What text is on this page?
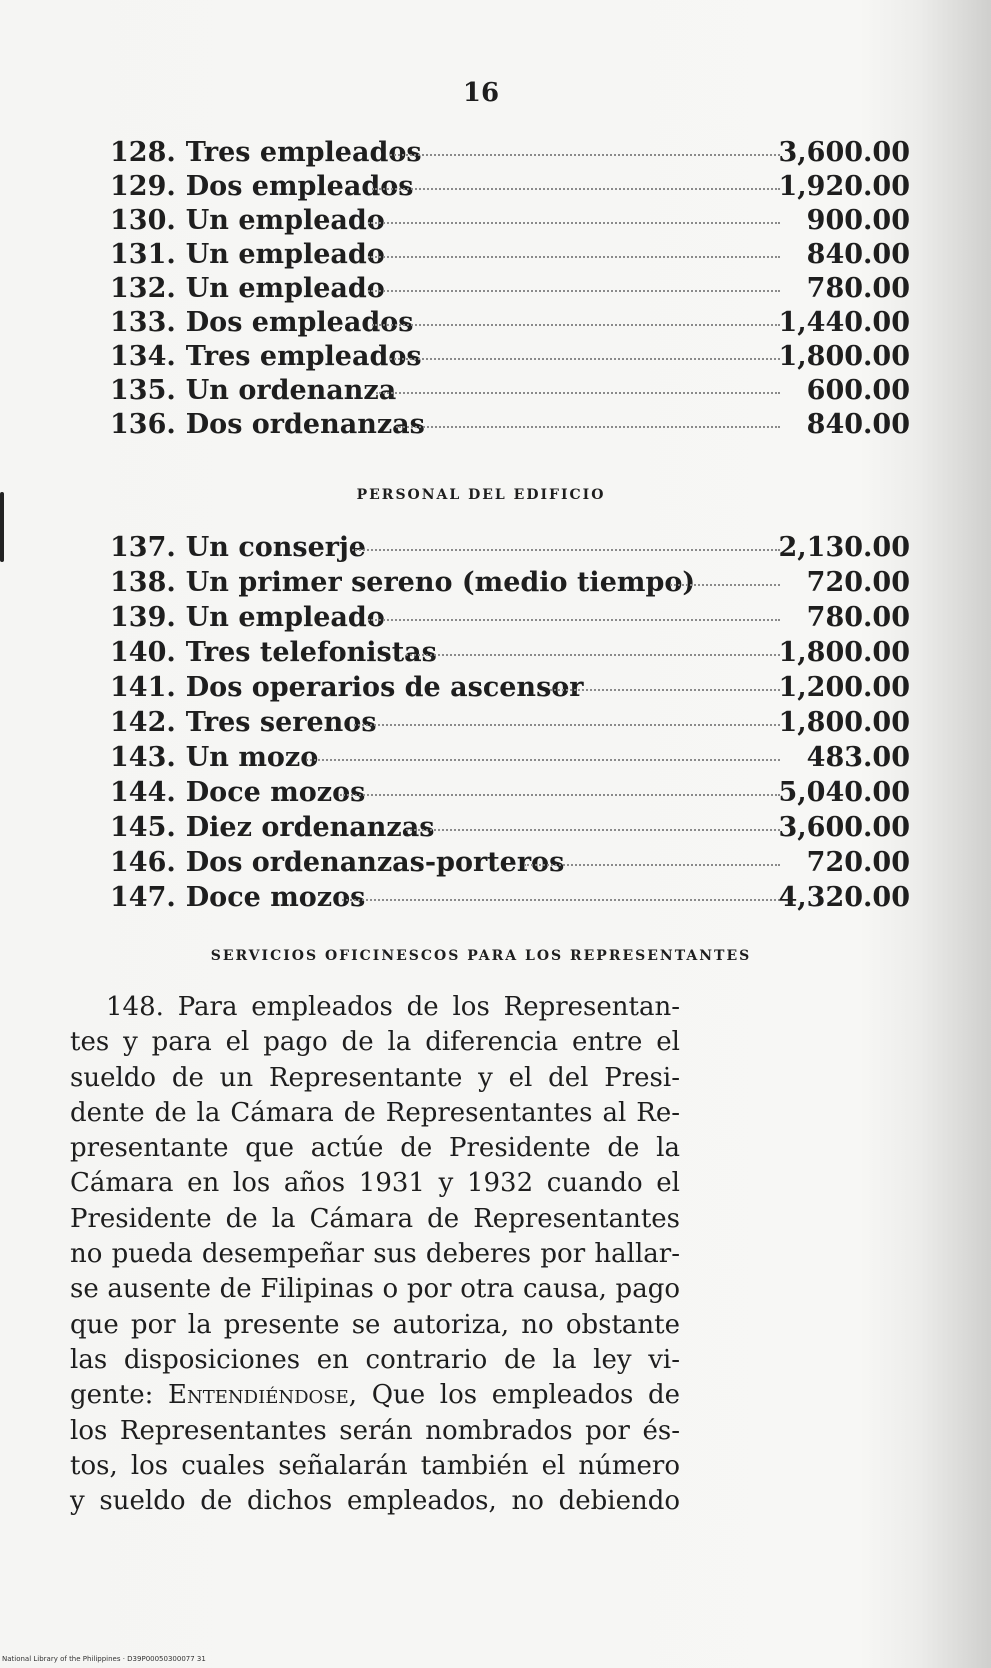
16
128. Tres empleados	3,600.00
129. Dos empleados	1,920.00
130. Un empleado	900.00
131. Un empleado	840.00
132. Un empleado	780.00
133. Dos empleados	1,440.00
134. Tres empleados	1,800.00
135. Un ordenanza	600.00
136. Dos ordenanzas	840.00
PERSONAL DEL EDIFICIO
137. Un conserje	2,130.00
138. Un primer sereno (medio tiempo)	720.00
139. Un empleado	780.00
140. Tres telefonistas	1,800.00
141. Dos operarios de ascensor	1,200.00
142. Tres serenos	1,800.00
143. Un mozo	483.00
144. Doce mozos	5,040.00
145. Diez ordenanzas	3,600.00
146. Dos ordenanzas-porteros	720.00
147. Doce mozos	4,320.00
SERVICIOS OFICINESCOS PARA LOS REPRESENTANTES
148. Para empleados de los Representan-
tes y para el pago de la diferencia entre el
sueldo de un Representante y el del Presi-
dente de la Cámara de Representantes al Re-
presentante que actúe de Presidente de la
Cámara en los años 1931 y 1932 cuando el
Presidente de la Cámara de Representantes
no pueda desempeñar sus deberes por hallar-
se ausente de Filipinas o por otra causa, pago
que por la presente se autoriza, no obstante
las disposiciones en contrario de la ley vi-
gente: Entendiéndose, Que los empleados de
los Representantes serán nombrados por és-
tos, los cuales señalarán también el número
y sueldo de dichos empleados, no debiendo
National Library of the Philippines · D39P00050300077 31
